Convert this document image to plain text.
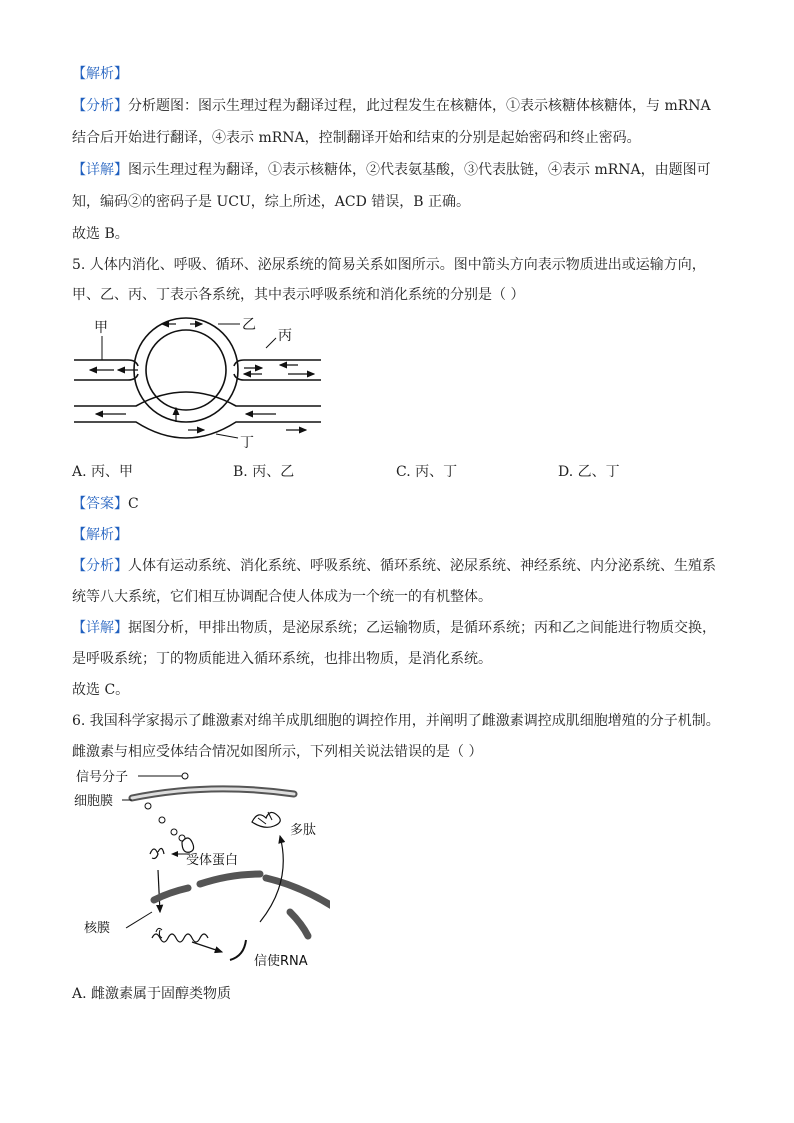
【解析】
【分析】分析题图：图示生理过程为翻译过程，此过程发生在核糖体，①表示核糖体核糖体，与 mRNA
结合后开始进行翻译，④表示 mRNA，控制翻译开始和结束的分别是起始密码和终止密码。
【详解】图示生理过程为翻译，①表示核糖体，②代表氨基酸，③代表肽链，④表示 mRNA，由题图可
知，编码②的密码子是 UCU，综上所述，ACD 错误，B 正确。
故选 B。
5. 人体内消化、呼吸、循环、泌尿系统的简易关系如图所示。图中箭头方向表示物质进出或运输方向，
甲、乙、丙、丁表示各系统，其中表示呼吸系统和消化系统的分别是（ ）
甲	乙
丙
丁
A. 丙、甲	B. 丙、乙	C. 丙、丁	D. 乙、丁
【答案】C
【解析】
【分析】人体有运动系统、消化系统、呼吸系统、循环系统、泌尿系统、神经系统、内分泌系统、生殖系
统等八大系统，它们相互协调配合使人体成为一个统一的有机整体。
【详解】据图分析，甲排出物质，是泌尿系统；乙运输物质，是循环系统；丙和乙之间能进行物质交换，
是呼吸系统；丁的物质能进入循环系统，也排出物质，是消化系统。
故选 C。
6. 我国科学家揭示了雌激素对绵羊成肌细胞的调控作用，并阐明了雌激素调控成肌细胞增殖的分子机制。
雌激素与相应受体结合情况如图所示，下列相关说法错误的是（ ）
信号分子
细胞膜
多肽
受体蛋白
核膜
信使RNA
A. 雌激素属于固醇类物质
